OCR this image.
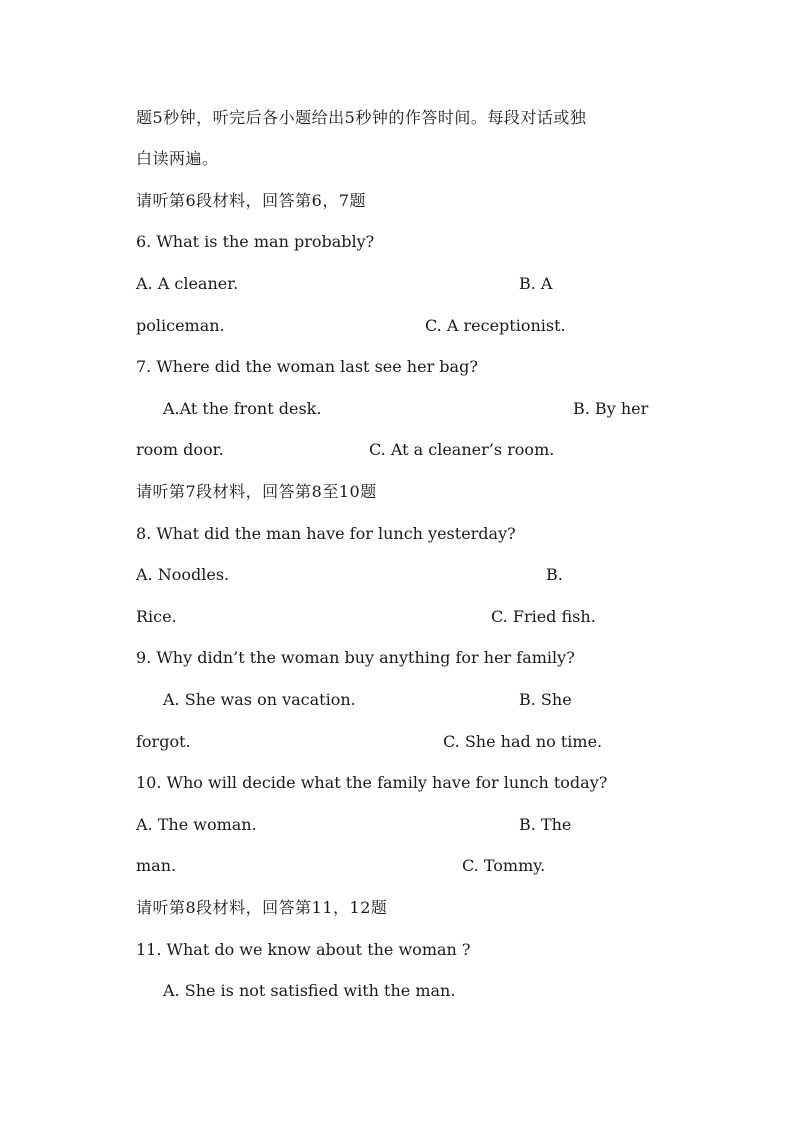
题5秒钟，听完后各小题给出5秒钟的作答时间。每段对话或独
白读两遍。
请听第6段材料，回答第6，7题
6. What is the man probably?
A. A cleaner.	B. A
policeman.	C. A receptionist.
7. Where did the woman last see her bag?
A.At the front desk.	B. By her
room door.	C. At a cleaner’s room.
请听第7段材料，回答第8至10题
8. What did the man have for lunch yesterday?
A. Noodles.	B.
Rice.	C. Fried fish.
9. Why didn’t the woman buy anything for her family?
A. She was on vacation.	B. She
forgot.	C. She had no time.
10. Who will decide what the family have for lunch today?
A. The woman.	B. The
man.	C. Tommy.
请听第8段材料，回答第11，12题
11. What do we know about the woman ?
A. She is not satisfied with the man.
